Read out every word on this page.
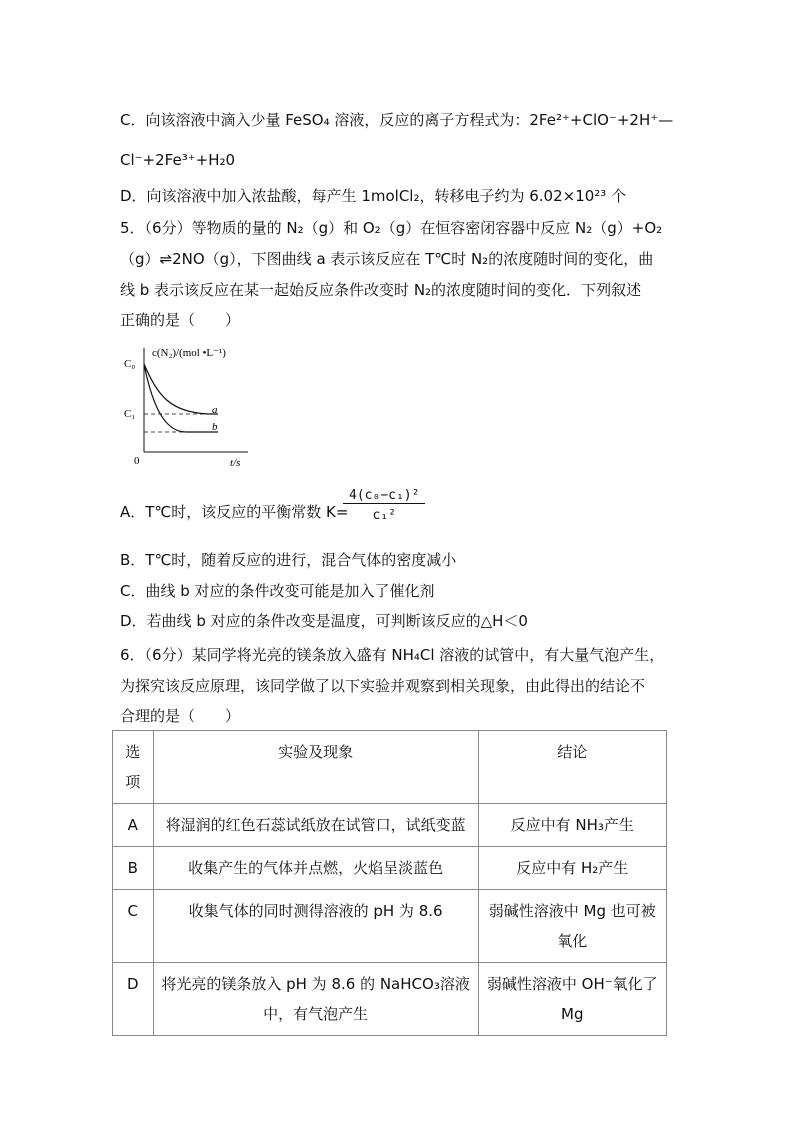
C．向该溶液中滴入少量 FeSO₄ 溶液，反应的离子方程式为：2Fe²⁺+ClO⁻+2H⁺—
Cl⁻+2Fe³⁺+H₂0
D．向该溶液中加入浓盐酸，每产生 1molCl₂，转移电子约为 6.02×10²³ 个
5．（6分）等物质的量的 N₂（g）和 O₂（g）在恒容密闭容器中反应 N₂（g）+O₂
（g）⇌2NO（g），下图曲线 a 表示该反应在 T℃时 N₂的浓度随时间的变化，曲
线 b 表示该反应在某一起始反应条件改变时 N₂的浓度随时间的变化．下列叙述
正确的是（　　）
c(N₂)/(mol •L⁻¹)
C₀
C₁
0	t/s
a
b
A．T℃时，该反应的平衡常数 K=
$\frac{\text{4(c₀−c₁)²}}{\text{c₁²}}$
B．T℃时，随着反应的进行，混合气体的密度减小
C．曲线 b 对应的条件改变可能是加入了催化剂
D．若曲线 b 对应的条件改变是温度，可判断该反应的△H＜0
6．（6分）某同学将光亮的镁条放入盛有 NH₄Cl 溶液的试管中，有大量气泡产生，
为探究该反应原理，该同学做了以下实验并观察到相关现象，由此得出的结论不
合理的是（　　）
选项	实验及现象	结论
A	将湿润的红色石蕊试纸放在试管口，试纸变蓝	反应中有 NH₃产生
B	收集产生的气体并点燃，火焰呈淡蓝色	反应中有 H₂产生
C	收集气体的同时测得溶液的 pH 为 8.6	弱碱性溶液中 Mg 也可被氧化
D	将光亮的镁条放入 pH 为 8.6 的 NaHCO₃溶液中，有气泡产生	弱碱性溶液中 OH⁻氧化了 Mg
